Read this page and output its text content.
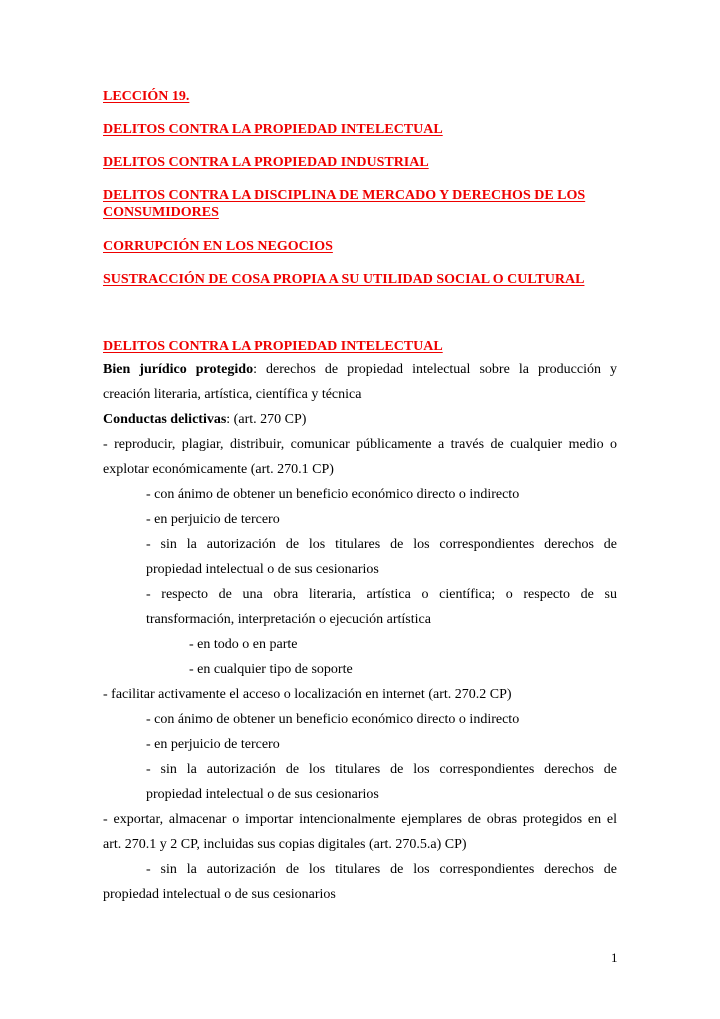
LECCIÓN 19.

DELITOS CONTRA LA PROPIEDAD INTELECTUAL

DELITOS CONTRA LA PROPIEDAD INDUSTRIAL

DELITOS CONTRA LA DISCIPLINA DE MERCADO Y DERECHOS DE LOS CONSUMIDORES

CORRUPCIÓN EN LOS NEGOCIOS

SUSTRACCIÓN DE COSA PROPIA A SU UTILIDAD SOCIAL O CULTURAL

DELITOS CONTRA LA PROPIEDAD INTELECTUAL

Bien jurídico protegido: derechos de propiedad intelectual sobre la producción y

creación literaria, artística, científica y técnica

Conductas delictivas: (art. 270 CP)

- reproducir, plagiar, distribuir, comunicar públicamente a través de cualquier medio o

explotar económicamente (art. 270.1 CP)

- con ánimo de obtener un beneficio económico directo o indirecto

- en perjuicio de tercero

- sin la autorización de los titulares de los correspondientes derechos de

propiedad intelectual o de sus cesionarios

- respecto de una obra literaria, artística o científica; o respecto de su

transformación, interpretación o ejecución artística

- en todo o en parte

- en cualquier tipo de soporte

- facilitar activamente el acceso o localización en internet (art. 270.2 CP)

- con ánimo de obtener un beneficio económico directo o indirecto

- en perjuicio de tercero

- sin la autorización de los titulares de los correspondientes derechos de

propiedad intelectual o de sus cesionarios

- exportar, almacenar o importar intencionalmente ejemplares de obras protegidos en el

art. 270.1 y 2 CP, incluidas sus copias digitales (art. 270.5.a) CP)

- sin la autorización de los titulares de los correspondientes derechos de

propiedad intelectual o de sus cesionarios

1
